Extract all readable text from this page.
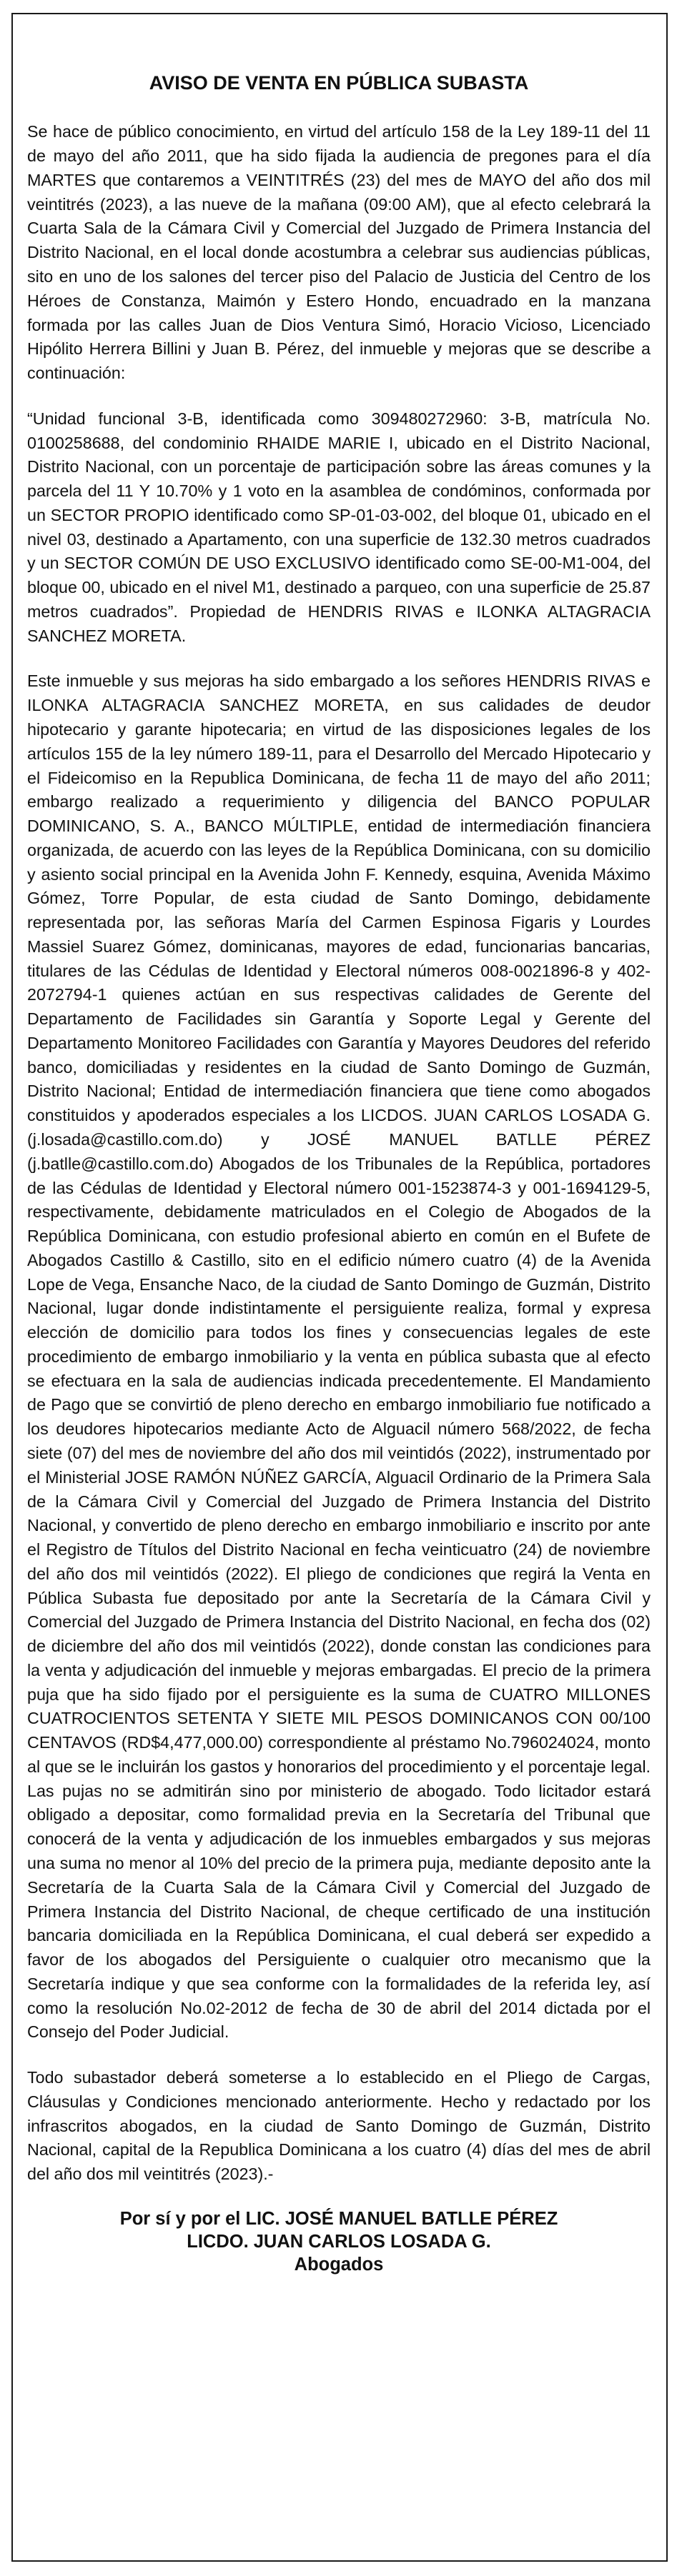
AVISO DE VENTA EN PÚBLICA SUBASTA

Se hace de público conocimiento, en virtud del artículo 158 de la Ley 189-11 del 11 de mayo del año 2011, que ha sido fijada la audiencia de pregones para el día MARTES que contaremos a VEINTITRÉS (23) del mes de MAYO del año dos mil veintitrés (2023), a las nueve de la mañana (09:00 AM), que al efecto celebrará la Cuarta Sala de la Cámara Civil y Comercial del Juzgado de Primera Instancia del Distrito Nacional, en el local donde acostumbra a celebrar sus audiencias públicas, sito en uno de los salones del tercer piso del Palacio de Justicia del Centro de los Héroes de Constanza, Maimón y Estero Hondo, encuadrado en la manzana formada por las calles Juan de Dios Ventura Simó, Horacio Vicioso, Licenciado Hipólito Herrera Billini y Juan B. Pérez, del inmueble y mejoras que se describe a continuación:

“Unidad funcional 3-B, identificada como 309480272960: 3-B, matrícula No. 0100258688, del condominio RHAIDE MARIE I, ubicado en el Distrito Nacional, Distrito Nacional, con un porcentaje de participación sobre las áreas comunes y la parcela del 11 Y 10.70% y 1 voto en la asamblea de condóminos, conformada por un SECTOR PROPIO identificado como SP-01-03-002, del bloque 01, ubicado en el nivel 03, destinado a Apartamento, con una superficie de 132.30 metros cuadrados y un SECTOR COMÚN DE USO EXCLUSIVO identificado como SE-00-M1-004, del bloque 00, ubicado en el nivel M1, destinado a parqueo, con una superficie de 25.87 metros cuadrados”. Propiedad de HENDRIS RIVAS e ILONKA ALTAGRACIA SANCHEZ MORETA.

Este inmueble y sus mejoras ha sido embargado a los señores HENDRIS RIVAS e ILONKA ALTAGRACIA SANCHEZ MORETA, en sus calidades de deudor hipotecario y garante hipotecaria; en virtud de las disposiciones legales de los artículos 155 de la ley número 189-11, para el Desarrollo del Mercado Hipotecario y el Fideicomiso en la Republica Dominicana, de fecha 11 de mayo del año 2011; embargo realizado a requerimiento y diligencia del BANCO POPULAR DOMINICANO, S. A., BANCO MÚLTIPLE, entidad de intermediación financiera organizada, de acuerdo con las leyes de la República Dominicana, con su domicilio y asiento social principal en la Avenida John F. Kennedy, esquina, Avenida Máximo Gómez, Torre Popular, de esta ciudad de Santo Domingo, debidamente representada por, las señoras María del Carmen Espinosa Figaris y Lourdes Massiel Suarez Gómez, dominicanas, mayores de edad, funcionarias bancarias, titulares de las Cédulas de Identidad y Electoral números 008-0021896-8 y 402-2072794-1 quienes actúan en sus respectivas calidades de Gerente del Departamento de Facilidades sin Garantía y Soporte Legal y Gerente del Departamento Monitoreo Facilidades con Garantía y Mayores Deudores del referido banco, domiciliadas y residentes en la ciudad de Santo Domingo de Guzmán, Distrito Nacional; Entidad de intermediación financiera que tiene como abogados constituidos y apoderados especiales a los LICDOS. JUAN CARLOS LOSADA G. (j.losada@castillo.com.do) y JOSÉ MANUEL BATLLE PÉREZ (j.batlle@castillo.com.do) Abogados de los Tribunales de la República, portadores de las Cédulas de Identidad y Electoral número 001-1523874-3 y 001-1694129-5, respectivamente, debidamente matriculados en el Colegio de Abogados de la República Dominicana, con estudio profesional abierto en común en el Bufete de Abogados Castillo & Castillo, sito en el edificio número cuatro (4) de la Avenida Lope de Vega, Ensanche Naco, de la ciudad de Santo Domingo de Guzmán, Distrito Nacional, lugar donde indistintamente el persiguiente realiza, formal y expresa elección de domicilio para todos los fines y consecuencias legales de este procedimiento de embargo inmobiliario y la venta en pública subasta que al efecto se efectuara en la sala de audiencias indicada precedentemente. El Mandamiento de Pago que se convirtió de pleno derecho en embargo inmobiliario fue notificado a los deudores hipotecarios mediante Acto de Alguacil número 568/2022, de fecha siete (07) del mes de noviembre del año dos mil veintidós (2022), instrumentado por el Ministerial JOSE RAMÓN NÚÑEZ GARCÍA, Alguacil Ordinario de la Primera Sala de la Cámara Civil y Comercial del Juzgado de Primera Instancia del Distrito Nacional, y convertido de pleno derecho en embargo inmobiliario e inscrito por ante el Registro de Títulos del Distrito Nacional en fecha veinticuatro (24) de noviembre del año dos mil veintidós (2022). El pliego de condiciones que regirá la Venta en Pública Subasta fue depositado por ante la Secretaría de la Cámara Civil y Comercial del Juzgado de Primera Instancia del Distrito Nacional, en fecha dos (02) de diciembre del año dos mil veintidós (2022), donde constan las condiciones para la venta y adjudicación del inmueble y mejoras embargadas. El precio de la primera puja que ha sido fijado por el persiguiente es la suma de CUATRO MILLONES CUATROCIENTOS SETENTA Y SIETE MIL PESOS DOMINICANOS CON 00/100 CENTAVOS (RD$4,477,000.00) correspondiente al préstamo No.796024024, monto al que se le incluirán los gastos y honorarios del procedimiento y el porcentaje legal. Las pujas no se admitirán sino por ministerio de abogado. Todo licitador estará obligado a depositar, como formalidad previa en la Secretaría del Tribunal que conocerá de la venta y adjudicación de los inmuebles embargados y sus mejoras una suma no menor al 10% del precio de la primera puja, mediante deposito ante la Secretaría de la Cuarta Sala de la Cámara Civil y Comercial del Juzgado de Primera Instancia del Distrito Nacional, de cheque certificado de una institución bancaria domiciliada en la República Dominicana, el cual deberá ser expedido a favor de los abogados del Persiguiente o cualquier otro mecanismo que la Secretaría indique y que sea conforme con la formalidades de la referida ley, así como la resolución No.02-2012 de fecha de 30 de abril del 2014 dictada por el Consejo del Poder Judicial.

Todo subastador deberá someterse a lo establecido en el Pliego de Cargas, Cláusulas y Condiciones mencionado anteriormente. Hecho y redactado por los infrascritos abogados, en la ciudad de Santo Domingo de Guzmán, Distrito Nacional, capital de la Republica Dominicana a los cuatro (4) días del mes de abril del año dos mil veintitrés (2023).-

Por sí y por el LIC. JOSÉ MANUEL BATLLE PÉREZ
LICDO. JUAN CARLOS LOSADA G.
Abogados
